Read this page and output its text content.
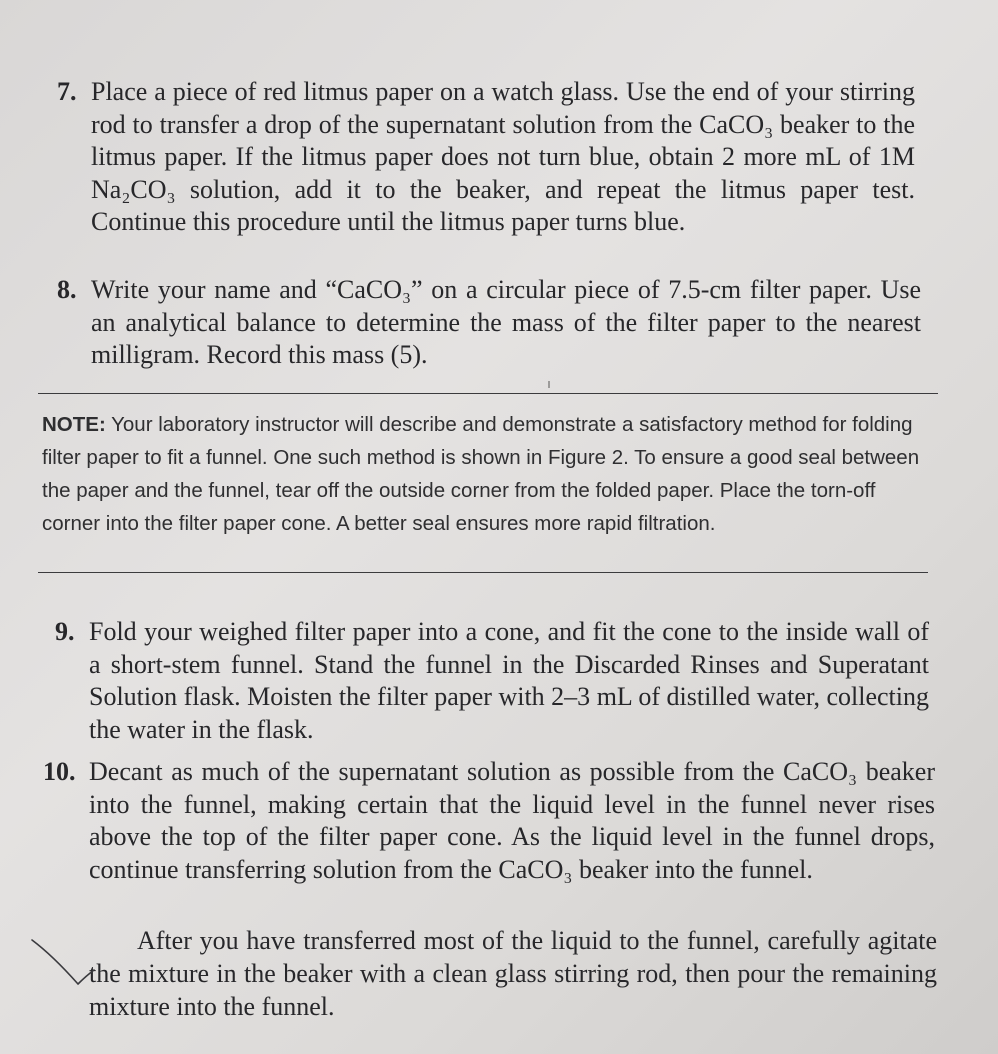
7. Place a piece of red litmus paper on a watch glass. Use the end of your stirring rod to transfer a drop of the supernatant solution from the CaCO₃ beaker to the litmus paper. If the litmus paper does not turn blue, obtain 2 more mL of 1M Na₂CO₃ solution, add it to the beaker, and repeat the litmus paper test. Continue this procedure until the litmus paper turns blue.
8. Write your name and “CaCO₃” on a circular piece of 7.5-cm filter paper. Use an analytical balance to determine the mass of the filter paper to the nearest milligram. Record this mass (5).
NOTE: Your laboratory instructor will describe and demonstrate a satisfactory method for folding filter paper to fit a funnel. One such method is shown in Figure 2. To ensure a good seal between the paper and the funnel, tear off the outside corner from the folded paper. Place the torn-off corner into the filter paper cone. A better seal ensures more rapid filtration.
9. Fold your weighed filter paper into a cone, and fit the cone to the inside wall of a short-stem funnel. Stand the funnel in the Discarded Rinses and Superatant Solution flask. Moisten the filter paper with 2–3 mL of distilled water, collecting the water in the flask.
10. Decant as much of the supernatant solution as possible from the CaCO₃ beaker into the funnel, making certain that the liquid level in the funnel never rises above the top of the filter paper cone. As the liquid level in the funnel drops, continue transferring solution from the CaCO₃ beaker into the funnel.
After you have transferred most of the liquid to the funnel, carefully agitate the mixture in the beaker with a clean glass stirring rod, then pour the remaining mixture into the funnel.
